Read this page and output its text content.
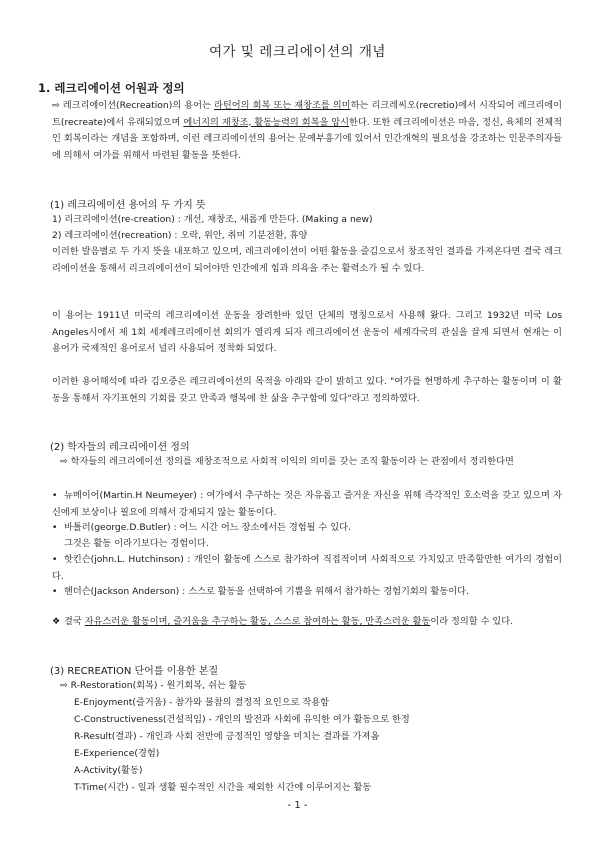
여가 및 레크리에이션의 개념
1. 레크리에이션 어원과 정의
⇨ 레크리에이션(Recreation)의 용어는 라틴어의 회복 또는 재창조를 의미하는 리크레씨오(recretio)에서 시작되어 레크리에이트(recreate)에서 유래되었으며 에너지의 재창조, 활동능력의 회복을 암시한다. 또한 레크리에이션은 마음, 정신, 육체의 전체적인 회복이라는 개념을 포함하며, 이런 레크리에이션의 용어는 문예부흥기에 있어서 인간개혁의 필요성을 강조하는 인문주의자들에 의해서 여가를 위해서 마련된 활동을 뜻한다.
(1) 레크리에이션 용어의 두 가지 뜻
1) 리크리에이션(re-creation) : 개선, 재창조, 새롭게 만든다. (Making a new)
2) 레크리에이션(recreation) : 오락, 위안, 취미 기분전환, 휴양
이러한 발음별로 두 가지 뜻을 내포하고 있으며, 레크리에이션이 어떤 활동을 즐김으로서 창조적인 결과를 가져온다면 결국 레크리에이션을 통해서 리크리에이션이 되어야만 인간에게 힘과 의욕을 주는 활력소가 될 수 있다.
이 용어는 1911년 미국의 레크리에이션 운동을 장려한바 있던 단체의 명칭으로서 사용해 왔다. 그리고 1932년 미국 Los Angeles시에서 제 1회 세계레크리에이션 회의가 열리게 되자 레크리에이션 운동이 세계각국의 관심을 끌게 되면서 현재는 이 용어가 국제적인 용어로서 널리 사용되어 정착화 되었다.
이러한 용어해석에 따라 김오중은 레크리에이션의 목적을 아래와 같이 밝히고 있다. "여가를 현명하게 추구하는 활동이며 이 활동을 통해서 자기표현의 기회를 갖고 만족과 행복에 찬 삶을 추구함에 있다"라고 정의하였다.
(2) 학자들의 레크리에이션 정의
⇨ 학자들의 레크리에이션 정의를 재창조적으로 사회적 이익의 의미를 갖는 조직 활동이라 는 관점에서 정리한다면
• 뉴메이어(Martin.H Neumeyer) : 여가에서 추구하는 것은 자유롭고 즐거운 자신을 위해 즉각적인 호소력을 갖고 있으며 자신에게 보상이나 필요에 의해서 강제되지 않는 활동이다.
• 바틀러(george.D.Butler) : 어느 시간 어느 장소에서든 경험될 수 있다.
그것은 활동 이라기보다는 경험이다.
• 핫킨슨(john.L. Hutchinson) : 개인이 활동에 스스로 참가하여 직접적이며 사회적으로 가치있고 만족할만한 여가의 경험이다.
• 핸더슨(Jackson Anderson) : 스스로 활동을 선택하여 기쁨을 위해서 참가하는 경험기회의 활동이다.
❖ 결국 자유스러운 활동이며, 즐거움을 추구하는 활동, 스스로 참여하는 활동, 만족스러운 활동이라 정의할 수 있다.
(3) RECREATION 단어를 이용한 본질
⇨ R-Restoration(회복) - 원기회복, 쉬는 활동
E-Enjoyment(즐거움) - 참가와 불참의 결정적 요인으로 작용함
C-Constructiveness(건설적임) - 개인의 발전과 사회에 유익한 여가 활동으로 한정
R-Result(결과) - 개인과 사회 전반에 긍정적인 영향을 미치는 결과를 가져옴
E-Experience(경험)
A-Activity(활동)
T-Time(시간) - 일과 생활 필수적인 시간을 제외한 시간에 이루어지는 활동
- 1 -
